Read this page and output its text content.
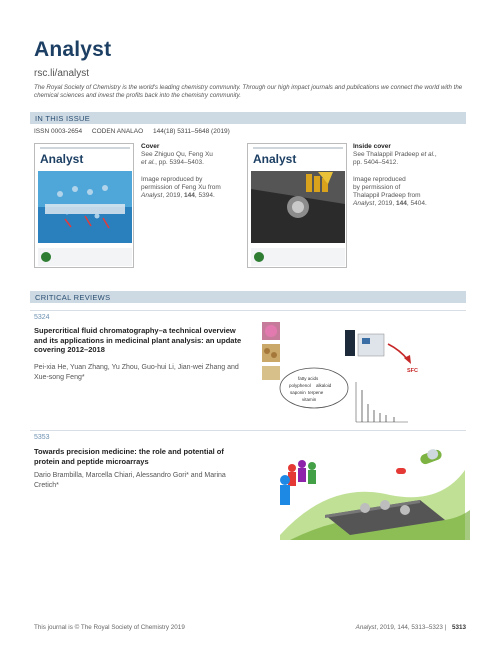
Analyst
rsc.li/analyst
The Royal Society of Chemistry is the world's leading chemistry community. Through our high impact journals and publications we connect the world with the chemical sciences and invest the profits back into the chemistry community.
IN THIS ISSUE
ISSN 0003-2654 CODEN ANALAO 144(18) 5311–5648 (2019)
Analyst
Cover
See Zhiguo Qu, Feng Xu
et al., pp. 5394–5403.
Image reproduced by
permission of Feng Xu from
Analyst, 2019, 144, 5394.
Analyst
Inside cover
See Thalappil Pradeep et al.,
pp. 5404–5412.
Image reproduced
by permission of
Thalappil Pradeep from
Analyst, 2019, 144, 5404.
CRITICAL REVIEWS
5324
Supercritical fluid chromatography–a technical overview and its applications in medicinal plant analysis: an update covering 2012–2018
Pei-xia He, Yuan Zhang, Yu Zhou, Guo-hui Li, Jian-wei Zhang and Xue-song Feng*	fatty acids
polyphenol alkaloid
saponin terpene
vitamin
SFC
5353
Towards precision medicine: the role and potential of protein and peptide microarrays
Dario Brambilla, Marcella Chiari, Alessandro Gori* and Marina Cretich*
This journal is © The Royal Society of Chemistry 2019	Analyst, 2019, 144, 5313–5323 | 5313
